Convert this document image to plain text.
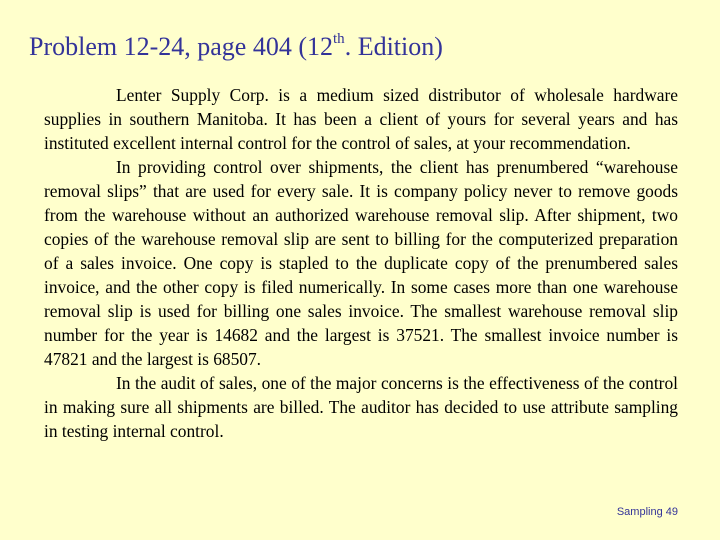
Problem 12-24, page 404 (12th. Edition)

Lenter Supply Corp. is a medium sized distributor of wholesale hardware supplies in southern Manitoba. It has been a client of yours for several years and has instituted excellent internal control for the control of sales, at your recommendation.

In providing control over shipments, the client has prenumbered “warehouse removal slips” that are used for every sale. It is company policy never to remove goods from the warehouse without an authorized warehouse removal slip. After shipment, two copies of the warehouse removal slip are sent to billing for the computerized preparation of a sales invoice. One copy is stapled to the duplicate copy of the prenumbered sales invoice, and the other copy is filed numerically. In some cases more than one warehouse removal slip is used for billing one sales invoice. The smallest warehouse removal slip number for the year is 14682 and the largest is 37521. The smallest invoice number is 47821 and the largest is 68507.

In the audit of sales, one of the major concerns is the effectiveness of the control in making sure all shipments are billed. The auditor has decided to use attribute sampling in testing internal control.

Sampling 49
